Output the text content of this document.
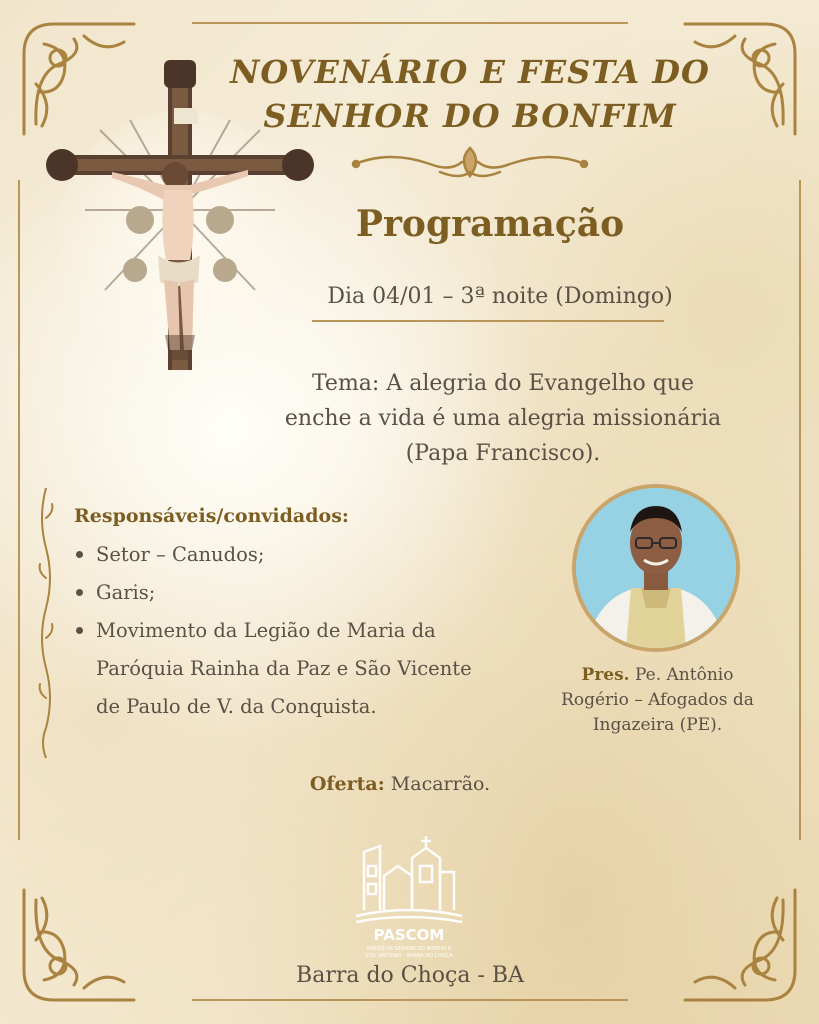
NOVENÁRIO E FESTA DO
SENHOR DO BONFIM
Programação
Dia 04/01 – 3ª noite (Domingo)
Tema: A alegria do Evangelho que
enche a vida é uma alegria missionária
(Papa Francisco).
Responsáveis/convidados:
Setor – Canudos;
Garis;
Movimento da Legião de Maria da
Paróquia Rainha da Paz e São Vicente
de Paulo de V. da Conquista.
Pres. Pe. Antônio
Rogério – Afogados da
Ingazeira (PE).
Oferta: Macarrão.
PASCOM
PARÓQUIA SENHOR DO BONFIM E
STO. ANTÔNIO - BARRA DO CHOÇA
Barra do Choça - BA
